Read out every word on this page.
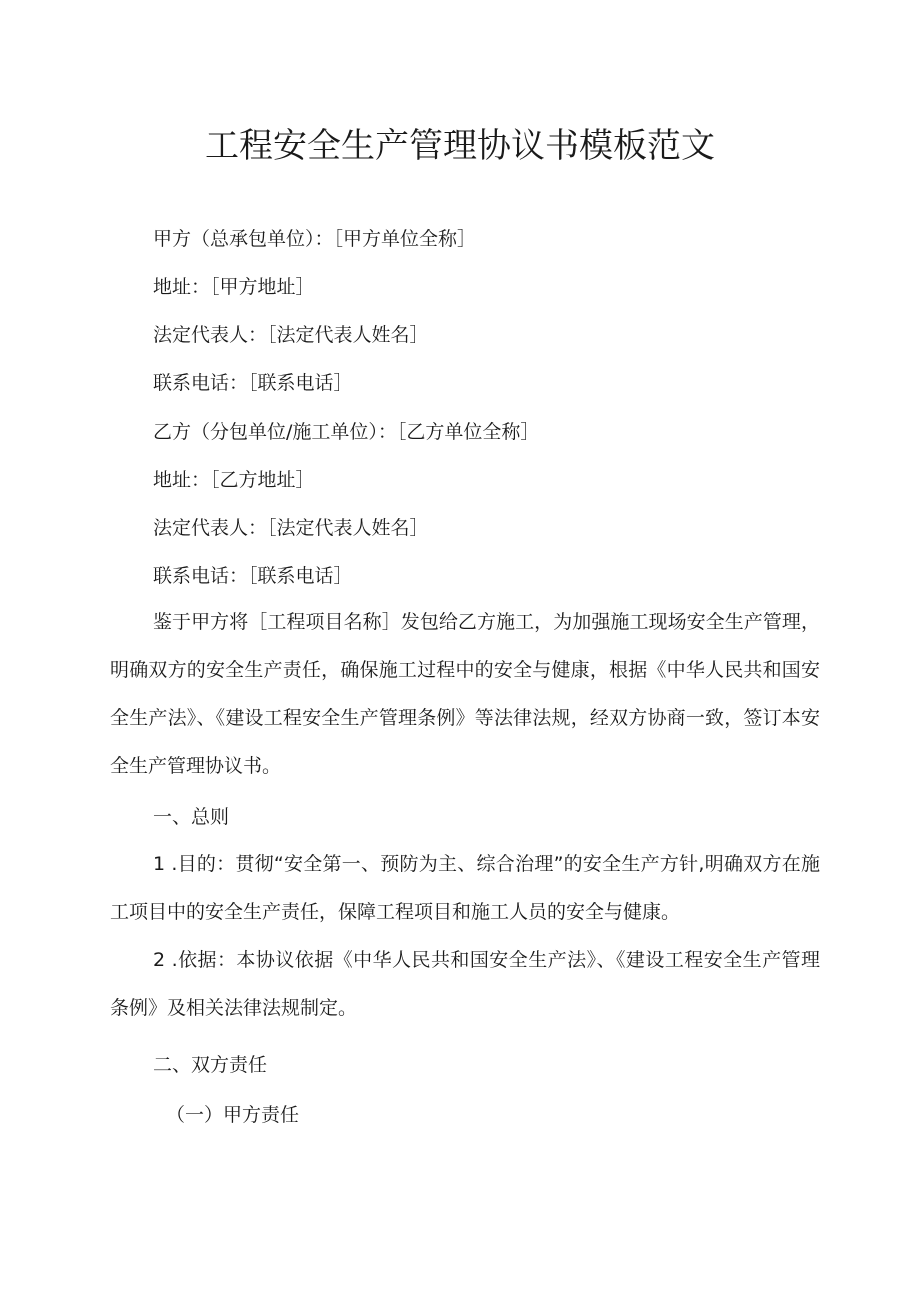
工程安全生产管理协议书模板范文

甲方（总承包单位）：［甲方单位全称］

地址：［甲方地址］

法定代表人：［法定代表人姓名］

联系电话：［联系电话］

乙方（分包单位/施工单位）：［乙方单位全称］

地址：［乙方地址］

法定代表人：［法定代表人姓名］

联系电话：［联系电话］

鉴于甲方将［工程项目名称］发包给乙方施工，为加强施工现场安全生产管理，明确双方的安全生产责任，确保施工过程中的安全与健康，根据《中华人民共和国安全生产法》、《建设工程安全生产管理条例》等法律法规，经双方协商一致，签订本安全生产管理协议书。

一、总则

1 .目的：贯彻“安全第一、预防为主、综合治理”的安全生产方针,明确双方在施工项目中的安全生产责任，保障工程项目和施工人员的安全与健康。

2 .依据：本协议依据《中华人民共和国安全生产法》、《建设工程安全生产管理条例》及相关法律法规制定。

二、双方责任

（一）甲方责任
